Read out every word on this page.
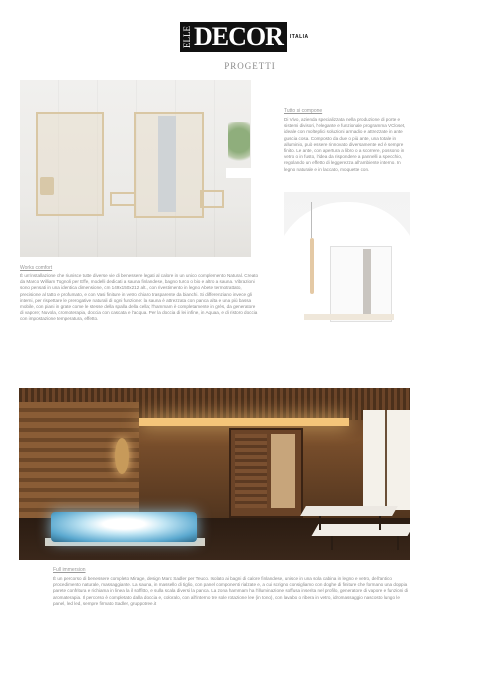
ELLE DECOR ITALIA
PROGETTI
Tutto si compone

Di Vivo, azienda specializzata nella produzione di porte e sistemi divisori, l'elegante e funzionale programma VCloset, ideale con molteplici soluzioni armadio e attrezzate in ante guscia cosa. Composto da due o più ante, una totale in alluminio, può essere rinnovato diversamente ed è sempre finito. Le ante, con apertura a libro o a scorrere, possono in vetro o in fusto, l'idea da rispondere a pannelli a specchio, regolando un effetto di leggerezza all'ambiente interno. In legno naturale e in laccato, moquette con.

Works comfort

È un'installazione che riunisce tutte diverse vie di benessere legati al calore in un unico complemento Natural. Creato da Marco William Tognoli per Effe, modelli dedicati a sauna finlandese, bagno turco o bio e altro a sauna. Vibrazioni sono pensati in una identica dimensione, cm 149x150x212 alt., con rivestimento in legno Abete termotrattato, precisione al tatto e profumato, e con Vasi finiture in vetro chiaro trasparente da bianchi. Si differenziano invece gli interni, per rispettare le prerogative naturali di ogni funzione: la sauna è attrezzata con panca alta e una più bassa mobile, con piani in grate come le stesse della spalla della cella; l'hammam è completamente in grès, da generatore di vapore; Nuvola, cromoterapia, doccia con cascata e l'acqua. Per la doccia di lei infine, in Aquaa, e di ristoro doccia con impostazione temperatura, effetto.

Full immersion

È un percorso di benessere completo Mirage, design Marc Sadler per Teuco. Isolato ai bagni di calore finlandese, unisce in una sola cabina in legno e vetro, dell'antico procedimento naturale, massaggiante. La sauna, in massello di tiglio, con panel componenti rialzate e, a cui scrigno consigliamo con doghe di finiture che formano una doppia parete confritura e richiama in linea la il soffitto, e sulla scala diversi la panca. La zona hammam ha l'illuminazione soffusa inserita nel profilo, generatore di vapore e funzioni di aromaterapia. Il percorso è completato dalla doccia e, coloralo, con all'interno tre sole rotazione lee (in tono), con lavabo o ribera in vetro, idromassaggio nascosto lungo le panel, led led, sempre firmato Sadler, gruppotree.it
